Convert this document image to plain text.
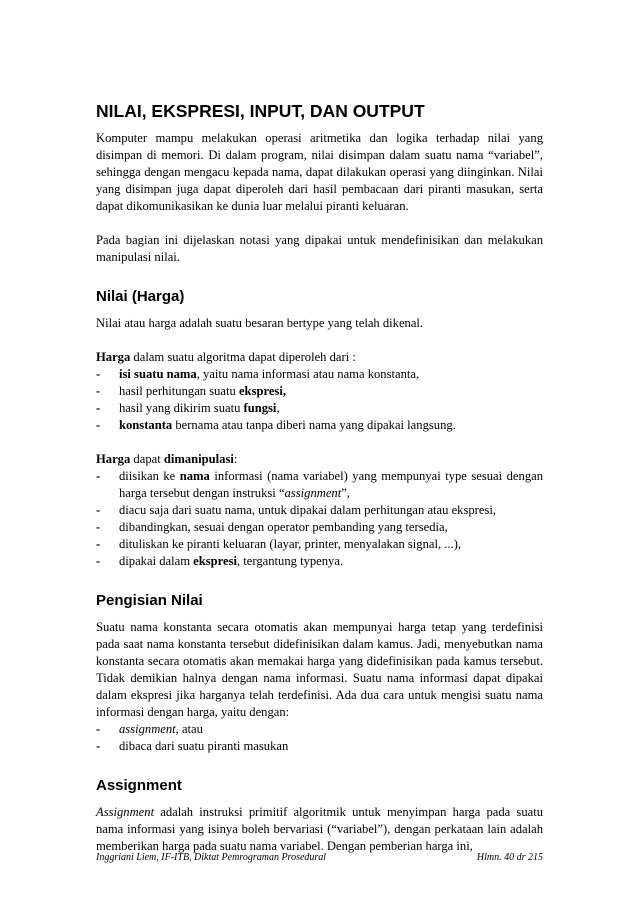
NILAI, EKSPRESI, INPUT, DAN OUTPUT

Komputer mampu melakukan operasi aritmetika dan logika terhadap nilai yang disimpan di memori. Di dalam program, nilai disimpan dalam suatu nama “variabel”, sehingga dengan mengacu kepada nama, dapat dilakukan operasi yang diinginkan. Nilai yang disimpan juga dapat diperoleh dari hasil pembacaan dari piranti masukan, serta dapat dikomunikasikan ke dunia luar melalui piranti keluaran.

Pada bagian ini dijelaskan notasi yang dipakai untuk mendefinisikan dan melakukan manipulasi nilai.

Nilai (Harga)

Nilai atau harga adalah suatu besaran bertype yang telah dikenal.

Harga dalam suatu algoritma dapat diperoleh dari :

- isi suatu nama, yaitu nama informasi atau nama konstanta,
- hasil perhitungan suatu ekspresi,
- hasil yang dikirim suatu fungsi,
- konstanta bernama atau tanpa diberi nama yang dipakai langsung.

Harga dapat dimanipulasi:

- diisikan ke nama informasi (nama variabel) yang mempunyai type sesuai dengan harga tersebut dengan instruksi “assignment”,
- diacu saja dari suatu nama, untuk dipakai dalam perhitungan atau ekspresi,
- dibandingkan, sesuai dengan operator pembanding yang tersedia,
- dituliskan ke piranti keluaran (layar, printer, menyalakan signal, ...),
- dipakai dalam ekspresi, tergantung typenya.
Pengisian Nilai

Suatu nama konstanta secara otomatis akan mempunyai harga tetap yang terdefinisi pada saat nama konstanta tersebut didefinisikan dalam kamus. Jadi, menyebutkan nama konstanta secara otomatis akan memakai harga yang didefinisikan pada kamus tersebut. Tidak demikian halnya dengan nama informasi. Suatu nama informasi dapat dipakai dalam ekspresi jika harganya telah terdefinisi. Ada dua cara untuk mengisi suatu nama informasi dengan harga, yaitu dengan:

- assignment, atau
- dibaca dari suatu piranti masukan
Assignment

Assignment adalah instruksi primitif algoritmik untuk menyimpan harga pada suatu nama informasi yang isinya boleh bervariasi (“variabel”), dengan perkataan lain adalah memberikan harga pada suatu nama variabel. Dengan pemberian harga ini,

Inggriani Liem, IF-ITB, Diktat Pemrograman Prosedural	Hlmn. 40 dr 215
